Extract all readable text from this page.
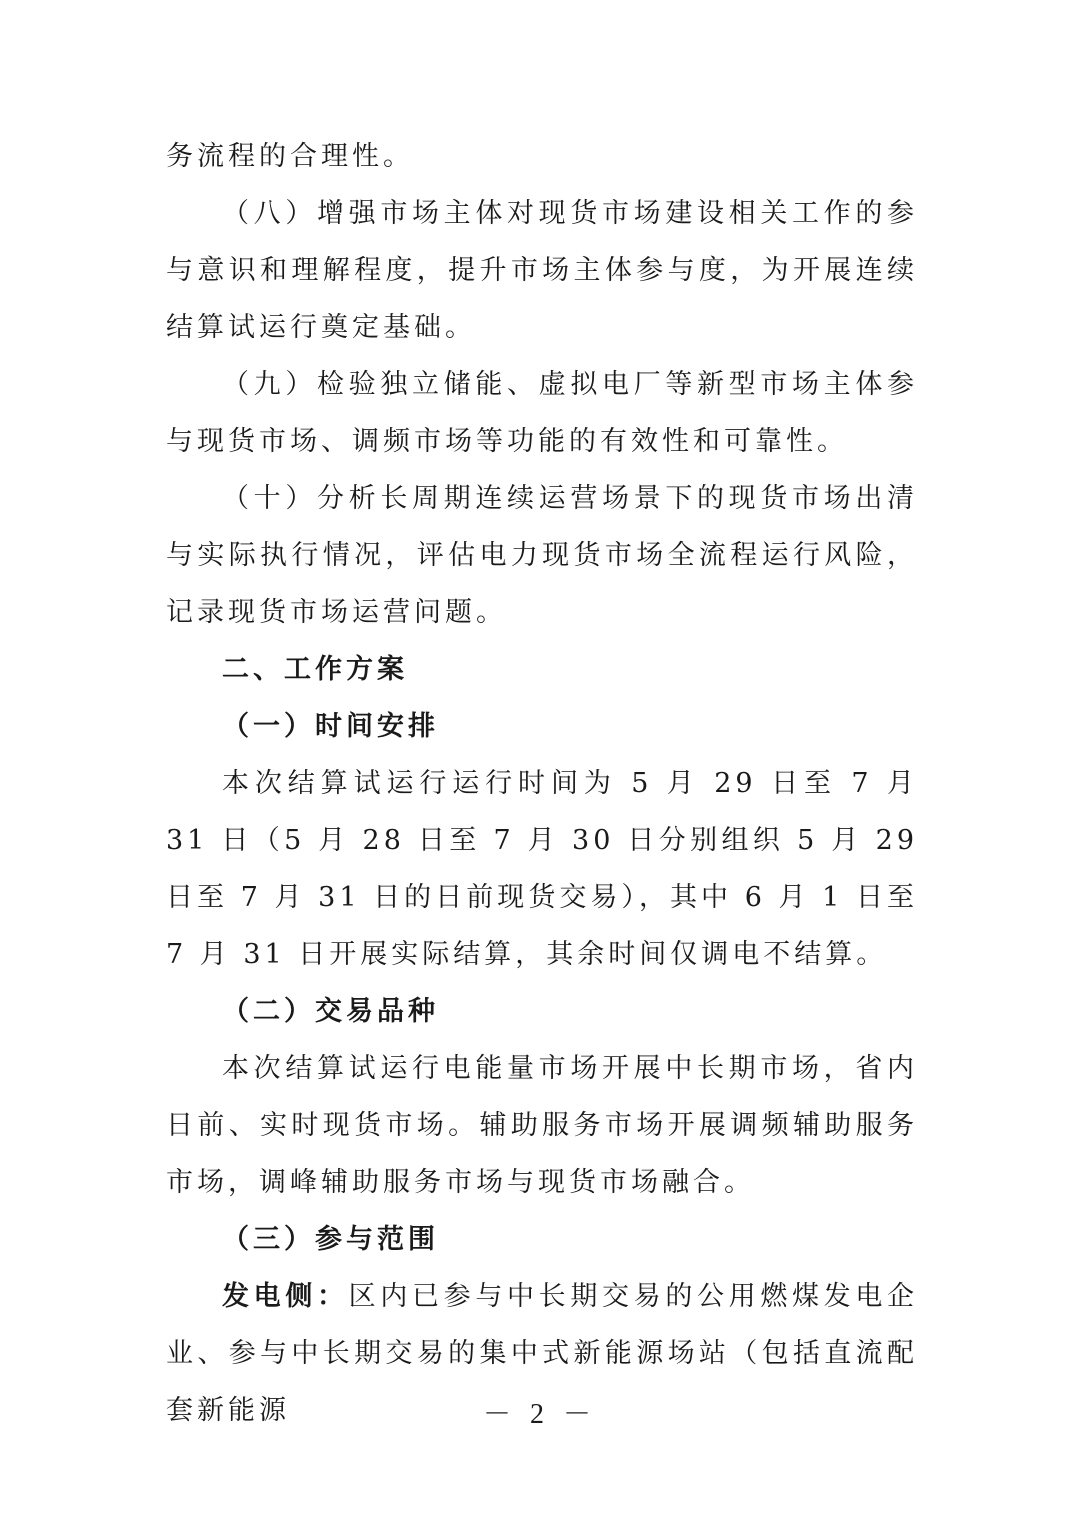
务流程的合理性。

（八）增强市场主体对现货市场建设相关工作的参与意识和理解程度，提升市场主体参与度，为开展连续结算试运行奠定基础。

（九）检验独立储能、虚拟电厂等新型市场主体参与现货市场、调频市场等功能的有效性和可靠性。

（十）分析长周期连续运营场景下的现货市场出清与实际执行情况，评估电力现货市场全流程运行风险，记录现货市场运营问题。

二、工作方案

（一）时间安排

本次结算试运行运行时间为 5 月 29 日至 7 月 31 日（5 月 28 日至 7 月 30 日分别组织 5 月 29 日至 7 月 31 日的日前现货交易），其中 6 月 1 日至 7 月 31 日开展实际结算，其余时间仅调电不结算。

（二）交易品种

本次结算试运行电能量市场开展中长期市场，省内日前、实时现货市场。辅助服务市场开展调频辅助服务市场，调峰辅助服务市场与现货市场融合。

（三）参与范围

发电侧：区内已参与中长期交易的公用燃煤发电企业、参与中长期交易的集中式新能源场站（包括直流配套新能源	－ 2 －
